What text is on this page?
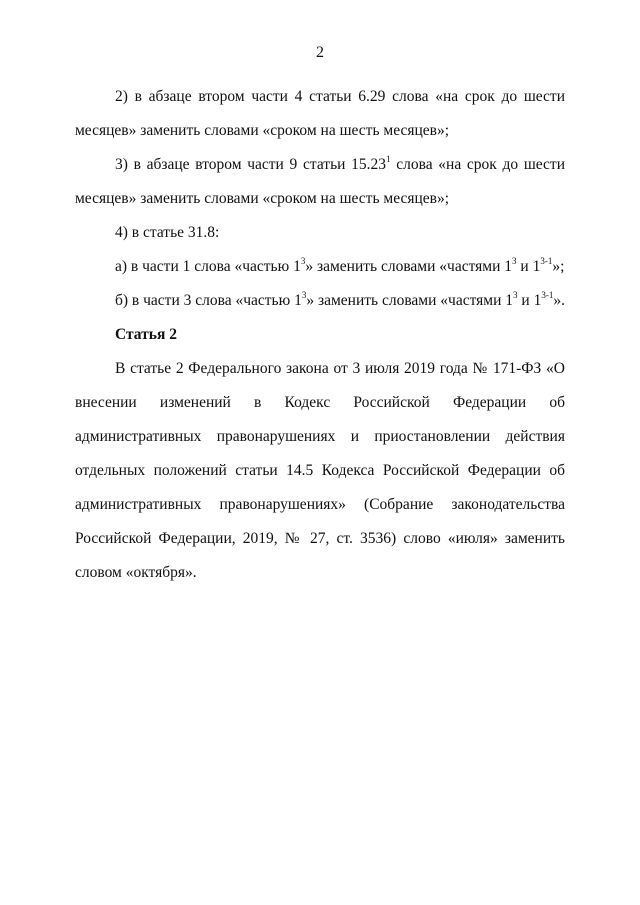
2

2) в абзаце втором части 4 статьи 6.29 слова «на срок до шести месяцев» заменить словами «сроком на шесть месяцев»;

3) в абзаце втором части 9 статьи 15.23$^1$ слова «на срок до шести месяцев» заменить словами «сроком на шесть месяцев»;

4) в статье 31.8:

а) в части 1 слова «частью $1^3$» заменить словами «частями $1^3$ и 1$^{3-1}$»;

б) в части 3 слова «частью $1^3$» заменить словами «частями $1^3$ и 1$^{3-1}$».

Статья 2

В статье 2 Федерального закона от 3 июля 2019 года № 171-ФЗ «О внесении изменений в Кодекс Российской Федерации об административных правонарушениях и приостановлении действия отдельных положений статьи 14.5 Кодекса Российской Федерации об административных правонарушениях» (Собрание законодательства Российской Федерации, 2019, № 27, ст. 3536) слово «июля» заменить словом «октября».
